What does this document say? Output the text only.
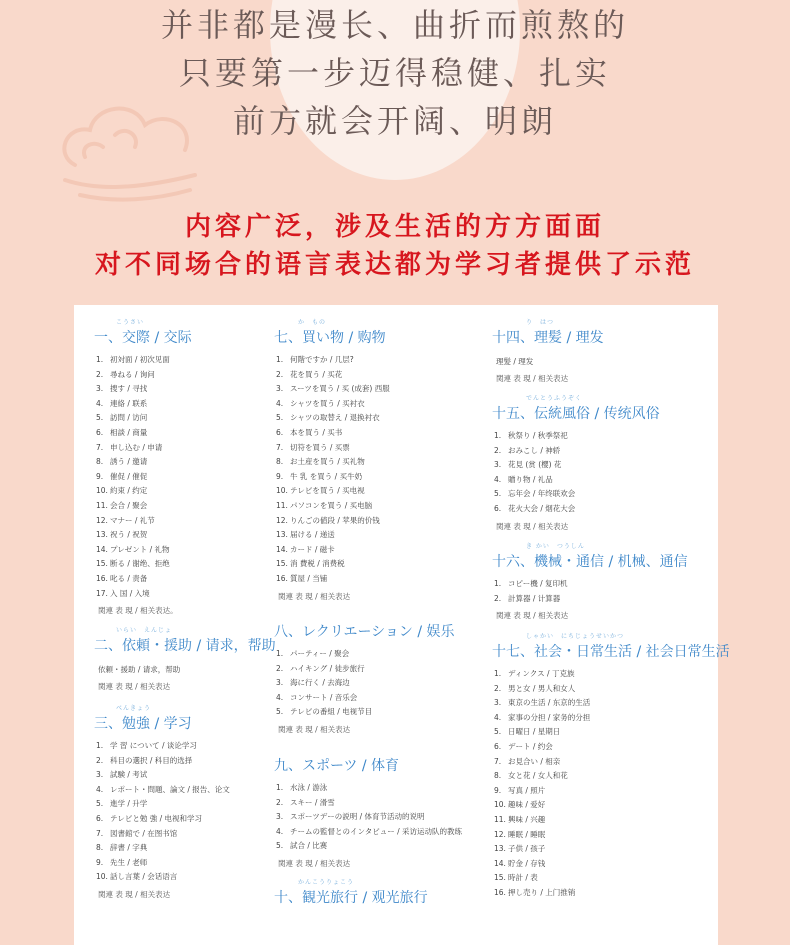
并非都是漫长、曲折而煎熬的
只要第一步迈得稳健、扎实
前方就会开阔、明朗
内容广泛，涉及生活的方方面面
对不同场合的语言表达都为学习者提供了示范
こうさい
一、交際 / 交际
1. 初対面 / 初次见面
2. 尋ねる / 询问
3. 捜す / 寻找
4. 連絡 / 联系
5. 訪問 / 访问
6. 相談 / 商量
7. 申し込む / 申请
8. 誘う / 邀请
9. 催促 / 催促
10. 約束 / 约定
11. 会合 / 聚会
12. マナー / 礼节
13. 祝う / 祝贺
14. プレゼント / 礼物
15. 断る / 谢绝、拒绝
16. 叱る / 责备
17. 入 国 / 入境
関連 表 現 / 相关表达。
いらい　えんじょ
二、依頼・援助 / 请求，帮助
依頼・援助 / 请求，帮助
関連 表 現 / 相关表达
べんきょう
三、勉強 / 学习
1. 学 習 について / 谈论学习
2. 科目の選択 / 科目的选择
3. 試験 / 考试
4. レポート・問題、論文 / 报告、论文
5. 進学 / 升学
6. テレビと勉 強 / 电视和学习
7. 図書館で / 在图书馆
8. 辞書 / 字典
9. 先生 / 老师
10. 話し言葉 / 会话语言
関連 表 現 / 相关表达
か　もの
七、買い物 / 购物
1. 何階ですか / 几层?
2. 花を買う / 买花
3. スーツを買う / 买 (成套) 西服
4. シャツを買う / 买衬衣
5. シャツの取替え / 退换衬衣
6. 本を買う / 买书
7. 切符を買う / 买票
8. お土産を買う / 买礼物
9. 牛 乳 を買う / 买牛奶
10. テレビを買う / 买电视
11. パソコンを買う / 买电脑
12. りんごの値段 / 苹果的价钱
13. 届ける / 递送
14. カード / 磁卡
15. 消 費税 / 消费税
16. 質屋 / 当铺
関連 表 現 / 相关表达
八、レクリエーション / 娱乐
1. パーティー / 聚会
2. ハイキング / 徒步旅行
3. 海に行く / 去海边
4. コンサート / 音乐会
5. テレビの番組 / 电视节目
関連 表 現 / 相关表达
九、スポーツ / 体育
1. 水泳 / 游泳
2. スキー / 滑雪
3. スポーツデーの説明 / 体育节活动的说明
4. チームの監督とのインタビュー / 采访运动队的教练
5. 試合 / 比赛
関連 表 現 / 相关表达
かんこうりょこう
十、観光旅行 / 观光旅行
り　はつ
十四、理髪 / 理发
理髪 / 理发
関連 表 現 / 相关表达
でんとうふうぞく
十五、伝統風俗 / 传统风俗
1. 秋祭り / 秋季祭祀
2. おみこし / 神轿
3. 花見 (赏 (樱) 花
4. 贈り物 / 礼品
5. 忘年会 / 年终联欢会
6. 花火大会 / 烟花大会
関連 表 現 / 相关表达
き かい　つうしん
十六、機械・通信 / 机械、通信
1. コピー機 / 复印机
2. 計算器 / 计算器
関連 表 現 / 相关表达
しゃかい　にちじょうせいかつ
十七、社会・日常生活 / 社会日常生活
1. ディンクス / 丁克族
2. 男と女 / 男人和女人
3. 東京の生活 / 东京的生活
4. 家事の分担 / 家务的分担
5. 日曜日 / 星期日
6. デート / 约会
7. お見合い / 相亲
8. 女と花 / 女人和花
9. 写真 / 照片
10. 趣味 / 爱好
11. 興味 / 兴趣
12. 睡眠 / 睡眠
13. 子供 / 孩子
14. 貯金 / 存钱
15. 時計 / 表
16. 押し売り / 上门推销
